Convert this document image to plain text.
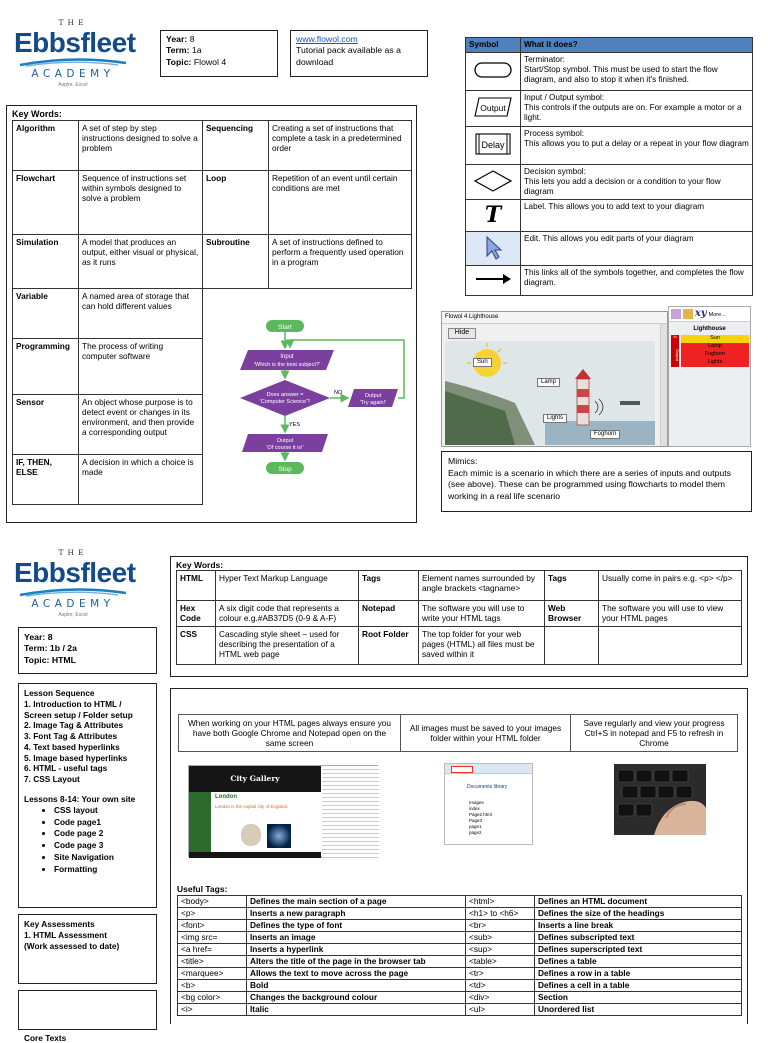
THE
Ebbsfleet
ACADEMY
Aspire, Excel
Year: 8
Term: 1a
Topic: Flowol 4
www.flowol.com
Tutorial pack available as a download
Symbol	What it does?

Terminator:
Start/Stop symbol. This must be used to start the flow diagram, and also to stop it when it's finished.

Output	Input / Output symbol:
This controls if the outputs are on. For example a motor or a light.

Delay	Process symbol:
This allows you to put a delay or a repeat in your flow diagram

Decision symbol:
This lets you add a decision or a condition to your flow diagram

T	Label. This allows you to add text to your diagram

Edit. This allows you edit parts of your diagram

This links all of the symbols together, and completes the flow diagram.
Key Words:
Algorithm	A set of step by step instructions designed to solve a problem	Sequencing	Creating a set of instructions that complete a task in a predetermined order
Flowchart	Sequence of instructions set within symbols designed to solve a problem	Loop	Repetition of an event until certain conditions are met
Simulation	A model that produces an output, either visual or physical, as it runs	Subroutine	A set of instructions defined to perform a frequently used operation in a program
Variable	A named area of storage that can hold different values		
Programming	The process of writing computer software		
Sensor	An object whose purpose is to detect event or changes in its environment, and then provide a corresponding output		
IF, THEN, ELSE	A decision in which a choice is made		
Start
Input
'Which is the best subject?'
Does answer =
'Computer Science'?
NO	Output
'Try again!'
YES
Output
'Of course it is!'
Stop
Flowol 4 Lighthouse
Hide
Sun
Lamp
Lights
Foghorn
xy More...
Lighthouse
In
Output
Sun
Lamp
Foghorn
Lights
Mimics:
Each mimic is a scenario in which there are a series of inputs and outputs (see above). These can be programmed using flowcharts to model them working in a real life scenario
THE
Ebbsfleet
ACADEMY
Aspire, Excel
Year: 8
Term: 1b / 2a
Topic: HTML
Lesson Sequence
1. Introduction to HTML / Screen setup / Folder setup
2. Image Tag & Attributes
3. Font Tag & Attributes
4. Text based hyperlinks
5. Image based hyperlinks
6. HTML - useful tags
7. CSS Layout
Lessons 8-14: Your own site
• CSS layout
• Code page1
• Code page 2
• Code page 3
• Site Navigation
• Formatting
Key Assessments
1. HTML Assessment
(Work assessed to date)
Core Texts
Key Words:
HTML	Hyper Text Markup Language	Tags	Element names surrounded by angle brackets <tagname>	Tags	Usually come in pairs e.g. <p> </p>
Hex Code	A six digit code that represents a colour e.g.#AB37D5 (0-9 & A-F)	Notepad	The software you will use to write your HTML tags	Web Browser	The software you will use to view your HTML pages
CSS	Cascading style sheet – used for describing the presentation of a HTML web page	Root Folder	The top folder for your web pages (HTML) all files must be saved within it		
When working on your HTML pages always ensure you have both Google Chrome and Notepad open on the same screen	All images must be saved to your images folder within your HTML folder	Save regularly and view your progress Ctrl+S in notepad and F5 to refresh in Chrome
City Gallery
London
London is the capital city of England.
Documents library
Images
index
Page2.html
Page3
page1
page2
Useful Tags:
<body>	Defines the main section of a page	<html>	Defines an HTML document
<p>	Inserts a new paragraph	<h1> to <h6>	Defines the size of the headings
<font>	Defines the type of font	<br>	Inserts a line break
<img src=	Inserts an image	<sub>	Defines subscripted text
<a href=	Inserts a hyperlink	<sup>	Defines superscripted text
<title>	Alters the title of the page in the browser tab	<table>	Defines a table
<marquee>	Allows the text to move across the page	<tr>	Defines a row in a table
<b>	Bold	<td>	Defines a cell in a table
<bg color>	Changes the background colour	<div>	Section
<i>	Italic	<ul>	Unordered list
